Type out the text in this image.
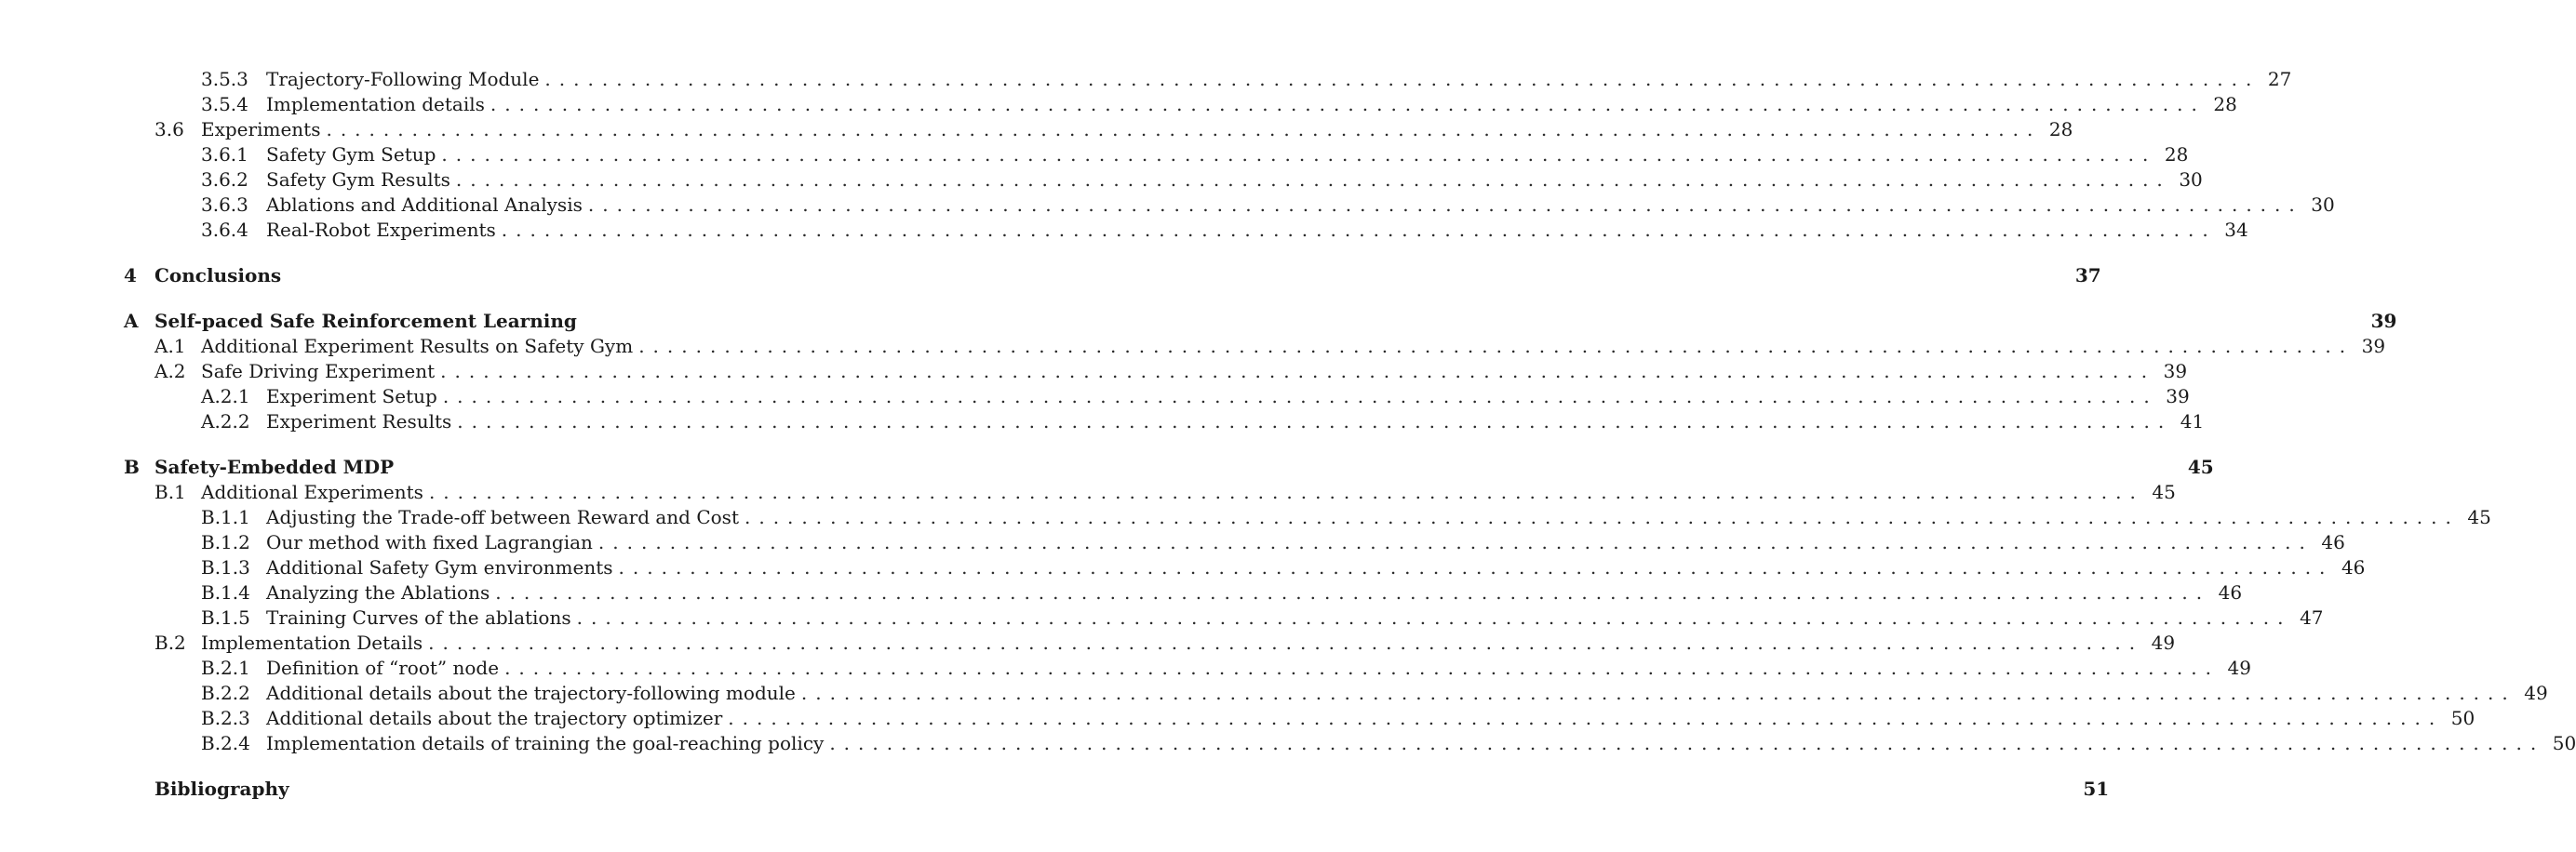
3.5.3 Trajectory-Following Module ........................................................................................................................ 27
3.5.4 Implementation details ........................................................................................................................ 28
3.6 Experiments ........................................................................................................................ 28
3.6.1 Safety Gym Setup ........................................................................................................................ 28
3.6.2 Safety Gym Results ........................................................................................................................ 30
3.6.3 Ablations and Additional Analysis ........................................................................................................................ 30
3.6.4 Real-Robot Experiments ........................................................................................................................ 34
4 Conclusions	37
A Self-paced Safe Reinforcement Learning	39
A.1 Additional Experiment Results on Safety Gym ........................................................................................................................ 39
A.2 Safe Driving Experiment ........................................................................................................................ 39
A.2.1 Experiment Setup ........................................................................................................................ 39
A.2.2 Experiment Results ........................................................................................................................ 41
B Safety-Embedded MDP	45
B.1 Additional Experiments ........................................................................................................................ 45
B.1.1 Adjusting the Trade-off between Reward and Cost ........................................................................................................................ 45
B.1.2 Our method with fixed Lagrangian ........................................................................................................................ 46
B.1.3 Additional Safety Gym environments ........................................................................................................................ 46
B.1.4 Analyzing the Ablations ........................................................................................................................ 46
B.1.5 Training Curves of the ablations ........................................................................................................................ 47
B.2 Implementation Details ........................................................................................................................ 49
B.2.1 Definition of “root” node ........................................................................................................................ 49
B.2.2 Additional details about the trajectory-following module ........................................................................................................................ 49
B.2.3 Additional details about the trajectory optimizer ........................................................................................................................ 50
B.2.4 Implementation details of training the goal-reaching policy ........................................................................................................................ 50
Bibliography	51
